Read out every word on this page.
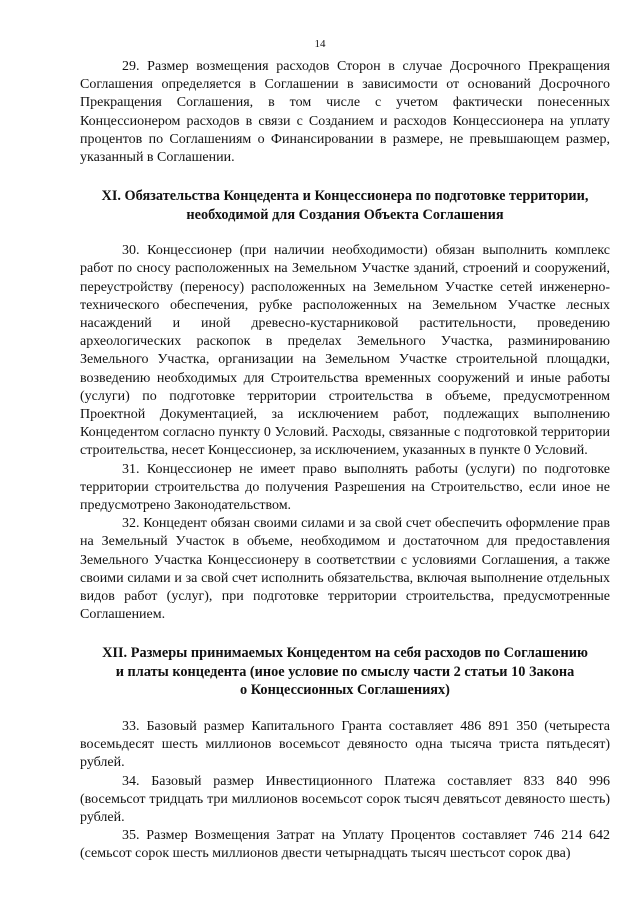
14

29. Размер возмещения расходов Сторон в случае Досрочного Прекращения Соглашения определяется в Соглашении в зависимости от оснований Досрочного Прекращения Соглашения, в том числе с учетом фактически понесенных Концессионером расходов в связи с Созданием и расходов Концессионера на уплату процентов по Соглашениям о Финансировании в размере, не превышающем размер, указанный в Соглашении.

XI. Обязательства Концедента и Концессионера по подготовке территории,
необходимой для Создания Объекта Соглашения

30. Концессионер (при наличии необходимости) обязан выполнить комплекс работ по сносу расположенных на Земельном Участке зданий, строений и сооружений, переустройству (переносу) расположенных на Земельном Участке сетей инженерно-технического обеспечения, рубке расположенных на Земельном Участке лесных насаждений и иной древесно-кустарниковой растительности, проведению археологических раскопок в пределах Земельного Участка, разминированию Земельного Участка, организации на Земельном Участке строительной площадки, возведению необходимых для Строительства временных сооружений и иные работы (услуги) по подготовке территории строительства в объеме, предусмотренном Проектной Документацией, за исключением работ, подлежащих выполнению Концедентом согласно пункту 0 Условий. Расходы, связанные с подготовкой территории строительства, несет Концессионер, за исключением, указанных в пункте 0 Условий.

31. Концессионер не имеет право выполнять работы (услуги) по подготовке территории строительства до получения Разрешения на Строительство, если иное не предусмотрено Законодательством.

32. Концедент обязан своими силами и за свой счет обеспечить оформление прав на Земельный Участок в объеме, необходимом и достаточном для предоставления Земельного Участка Концессионеру в соответствии с условиями Соглашения, а также своими силами и за свой счет исполнить обязательства, включая выполнение отдельных видов работ (услуг), при подготовке территории строительства, предусмотренные Соглашением.

XII. Размеры принимаемых Концедентом на себя расходов по Соглашению
и платы концедента (иное условие по смыслу части 2 статьи 10 Закона
о Концессионных Соглашениях)

33. Базовый размер Капитального Гранта составляет 486 891 350 (четыреста восемьдесят шесть миллионов восемьсот девяносто одна тысяча триста пятьдесят) рублей.

34. Базовый размер Инвестиционного Платежа составляет 833 840 996 (восемьсот тридцать три миллионов восемьсот сорок тысяч девятьсот девяносто шесть) рублей.

35. Размер Возмещения Затрат на Уплату Процентов составляет 746 214 642 (семьсот сорок шесть миллионов двести четырнадцать тысяч шестьсот сорок два)
